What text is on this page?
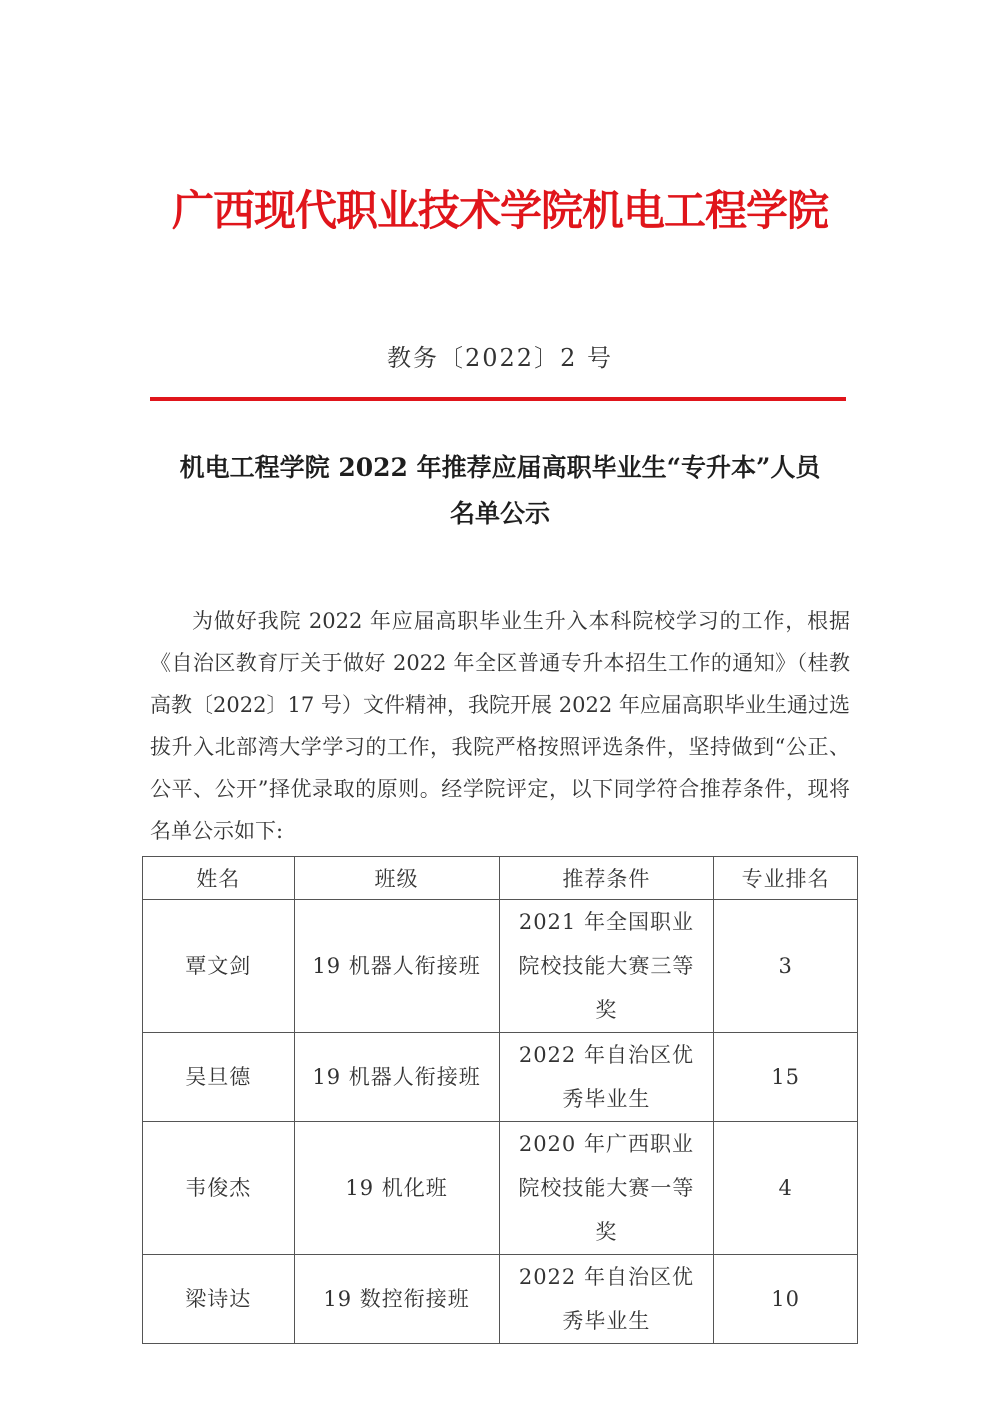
广西现代职业技术学院机电工程学院
教务〔2022〕2 号
机电工程学院 2022 年推荐应届高职毕业生“专升本”人员
名单公示

为做好我院 2022 年应届高职毕业生升入本科院校学习的工作，根据《自治区教育厅关于做好 2022 年全区普通专升本招生工作的通知》（桂教高教〔2022〕17 号）文件精神，我院开展 2022 年应届高职毕业生通过选拔升入北部湾大学学习的工作，我院严格按照评选条件，坚持做到“公正、公平、公开”择优录取的原则。经学院评定，以下同学符合推荐条件，现将名单公示如下:

姓名	班级	推荐条件	专业排名
覃文剑	19 机器人衔接班	2021 年全国职业院校技能大赛三等奖	3
吴旦德	19 机器人衔接班	2022 年自治区优秀毕业生	15
韦俊杰	19 机化班	2020 年广西职业院校技能大赛一等奖	4
梁诗达	19 数控衔接班	2022 年自治区优秀毕业生	10
